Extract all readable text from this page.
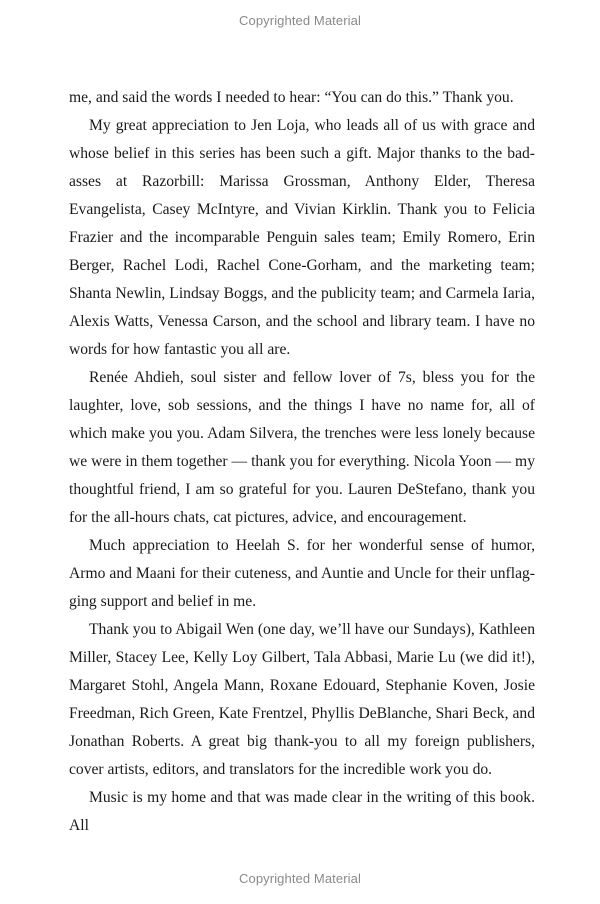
Copyrighted Material

me, and said the words I needed to hear: “You can do this.” Thank you.

My great appreciation to Jen Loja, who leads all of us with grace and whose belief in this series has been such a gift. Major thanks to the badasses at Razorbill: Marissa Grossman, Anthony Elder, Theresa Evangelista, Casey McIntyre, and Vivian Kirklin. Thank you to Felicia Frazier and the incomparable Penguin sales team; Emily Romero, Erin Berger, Rachel Lodi, Rachel Cone-Gorham, and the marketing team; Shanta Newlin, Lindsay Boggs, and the publicity team; and Carmela Iaria, Alexis Watts, Venessa Carson, and the school and library team. I have no words for how fantastic you all are.

Renée Ahdieh, soul sister and fellow lover of 7s, bless you for the laughter, love, sob sessions, and the things I have no name for, all of which make you you. Adam Silvera, the trenches were less lonely because we were in them together — thank you for everything. Nicola Yoon — my thoughtful friend, I am so grateful for you. Lauren DeStefano, thank you for the all-hours chats, cat pictures, advice, and encouragement.

Much appreciation to Heelah S. for her wonderful sense of humor, Armo and Maani for their cuteness, and Auntie and Uncle for their unflagging support and belief in me.

Thank you to Abigail Wen (one day, we’ll have our Sundays), Kathleen Miller, Stacey Lee, Kelly Loy Gilbert, Tala Abbasi, Marie Lu (we did it!), Margaret Stohl, Angela Mann, Roxane Edouard, Stephanie Koven, Josie Freedman, Rich Green, Kate Frentzel, Phyllis DeBlanche, Shari Beck, and Jonathan Roberts. A great big thank-you to all my foreign publishers, cover artists, editors, and translators for the incredible work you do.

Music is my home and that was made clear in the writing of this book. All

Copyrighted Material
